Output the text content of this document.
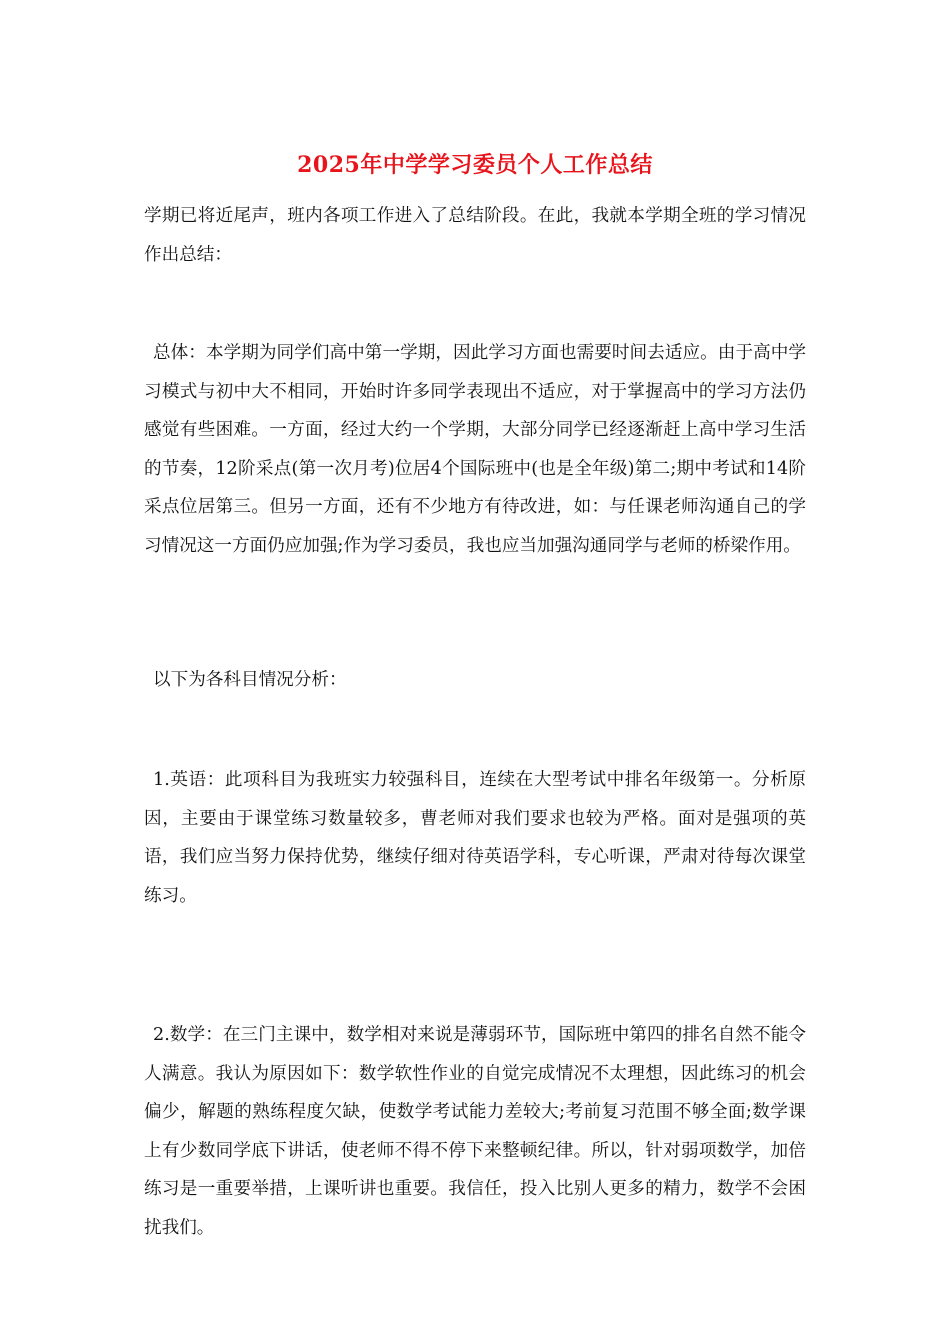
2025年中学学习委员个人工作总结

学期已将近尾声，班内各项工作进入了总结阶段。在此，我就本学期全班的学习情况作出总结：

总体：本学期为同学们高中第一学期，因此学习方面也需要时间去适应。由于高中学习模式与初中大不相同，开始时许多同学表现出不适应，对于掌握高中的学习方法仍感觉有些困难。一方面，经过大约一个学期，大部分同学已经逐渐赶上高中学习生活的节奏，12阶采点(第一次月考)位居4个国际班中(也是全年级)第二;期中考试和14阶采点位居第三。但另一方面，还有不少地方有待改进，如：与任课老师沟通自己的学习情况这一方面仍应加强;作为学习委员，我也应当加强沟通同学与老师的桥梁作用。

以下为各科目情况分析：

1.英语：此项科目为我班实力较强科目，连续在大型考试中排名年级第一。分析原因，主要由于课堂练习数量较多，曹老师对我们要求也较为严格。面对是强项的英语，我们应当努力保持优势，继续仔细对待英语学科，专心听课，严肃对待每次课堂练习。

2.数学：在三门主课中，数学相对来说是薄弱环节，国际班中第四的排名自然不能令人满意。我认为原因如下：数学软性作业的自觉完成情况不太理想，因此练习的机会偏少，解题的熟练程度欠缺，使数学考试能力差较大;考前复习范围不够全面;数学课上有少数同学底下讲话，使老师不得不停下来整顿纪律。所以，针对弱项数学，加倍练习是一重要举措，上课听讲也重要。我信任，投入比别人更多的精力，数学不会困扰我们。
